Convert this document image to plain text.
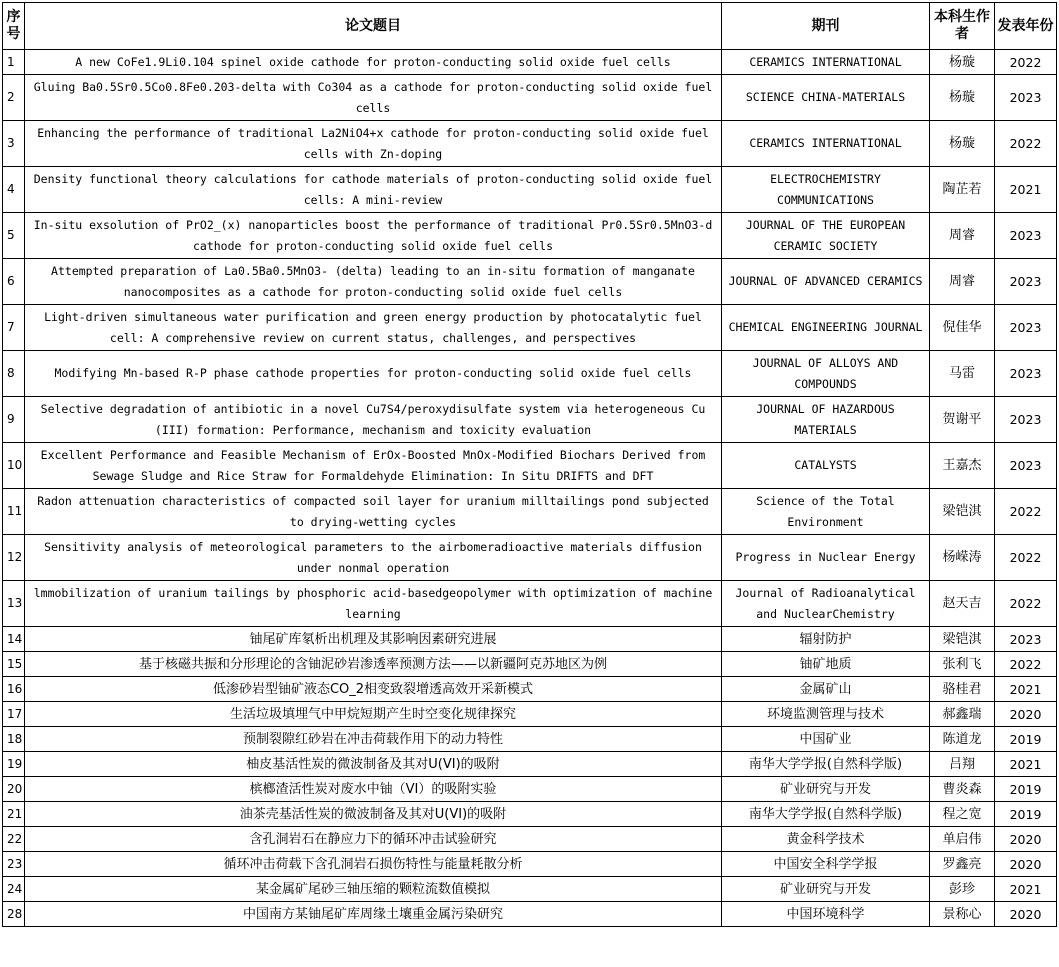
序号	论文题目	期刊	本科生作者	发表年份
1	A new CoFe1.9Li0.104 spinel oxide cathode for proton-conducting solid oxide fuel cells	CERAMICS INTERNATIONAL	杨璇	2022
2	Gluing Ba0.5Sr0.5Co0.8Fe0.203-delta with Co304 as a cathode for proton-conducting solid oxide fuel cells	SCIENCE CHINA-MATERIALS	杨璇	2023
3	Enhancing the performance of traditional La2NiO4+x cathode for proton-conducting solid oxide fuel cells with Zn-doping	CERAMICS INTERNATIONAL	杨璇	2022
4	Density functional theory calculations for cathode materials of proton-conducting solid oxide fuel cells: A mini-review	ELECTROCHEMISTRY COMMUNICATIONS	陶芷若	2021
5	In-situ exsolution of PrO2_(x) nanoparticles boost the performance of traditional Pr0.5Sr0.5MnO3-d cathode for proton-conducting solid oxide fuel cells	JOURNAL OF THE EUROPEAN CERAMIC SOCIETY	周睿	2023
6	Attempted preparation of La0.5Ba0.5MnO3- (delta) leading to an in-situ formation of manganate nanocomposites as a cathode for proton-conducting solid oxide fuel cells	JOURNAL OF ADVANCED CERAMICS	周睿	2023
7	Light-driven simultaneous water purification and green energy production by photocatalytic fuel cell: A comprehensive review on current status, challenges, and perspectives	CHEMICAL ENGINEERING JOURNAL	倪佳华	2023
8	Modifying Mn-based R-P phase cathode properties for proton-conducting solid oxide fuel cells	JOURNAL OF ALLOYS AND COMPOUNDS	马雷	2023
9	Selective degradation of antibiotic in a novel Cu7S4/peroxydisulfate system via heterogeneous Cu (III) formation: Performance, mechanism and toxicity evaluation	JOURNAL OF HAZARDOUS MATERIALS	贺谢平	2023
10	Excellent Performance and Feasible Mechanism of ErOx-Boosted MnOx-Modified Biochars Derived from Sewage Sludge and Rice Straw for Formaldehyde Elimination: In Situ DRIFTS and DFT	CATALYSTS	王嘉杰	2023
11	Radon attenuation characteristics of compacted soil layer for uranium milltailings pond subjected to drying-wetting cycles	Science of the Total Environment	梁铠淇	2022
12	Sensitivity analysis of meteorological parameters to the airbomeradioactive materials diffusion under nonmal operation	Progress in Nuclear Energy	杨嵘涛	2022
13	lmmobilization of uranium tailings by phosphoric acid-basedgeopolymer with optimization of machine learning	Journal of Radioanalytical and NuclearChemistry	赵天吉	2022
14	铀尾矿库氡析出机理及其影响因素研究进展	辐射防护	梁铠淇	2023
15	基于核磁共振和分形理论的含铀泥砂岩渗透率预测方法——以新疆阿克苏地区为例	铀矿地质	张利飞	2022
16	低渗砂岩型铀矿液态CO_2相变致裂增透高效开采新模式	金属矿山	骆桂君	2021
17	生活垃圾填埋气中甲烷短期产生时空变化规律探究	环境监测管理与技术	郝鑫瑞	2020
18	预制裂隙红砂岩在冲击荷载作用下的动力特性	中国矿业	陈道龙	2019
19	柚皮基活性炭的微波制备及其对U(VI)的吸附	南华大学学报(自然科学版)	吕翔	2021
20	槟榔渣活性炭对废水中铀（VI）的吸附实验	矿业研究与开发	曹炎森	2019
21	油茶壳基活性炭的微波制备及其对U(VI)的吸附	南华大学学报(自然科学版)	程之宽	2019
22	含孔洞岩石在静应力下的循环冲击试验研究	黄金科学技术	单启伟	2020
23	循环冲击荷载下含孔洞岩石损伤特性与能量耗散分析	中国安全科学学报	罗鑫亮	2020
24	某金属矿尾砂三轴压缩的颗粒流数值模拟	矿业研究与开发	彭珍	2021
28	中国南方某铀尾矿库周缘土壤重金属污染研究	中国环境科学	景称心	2020
